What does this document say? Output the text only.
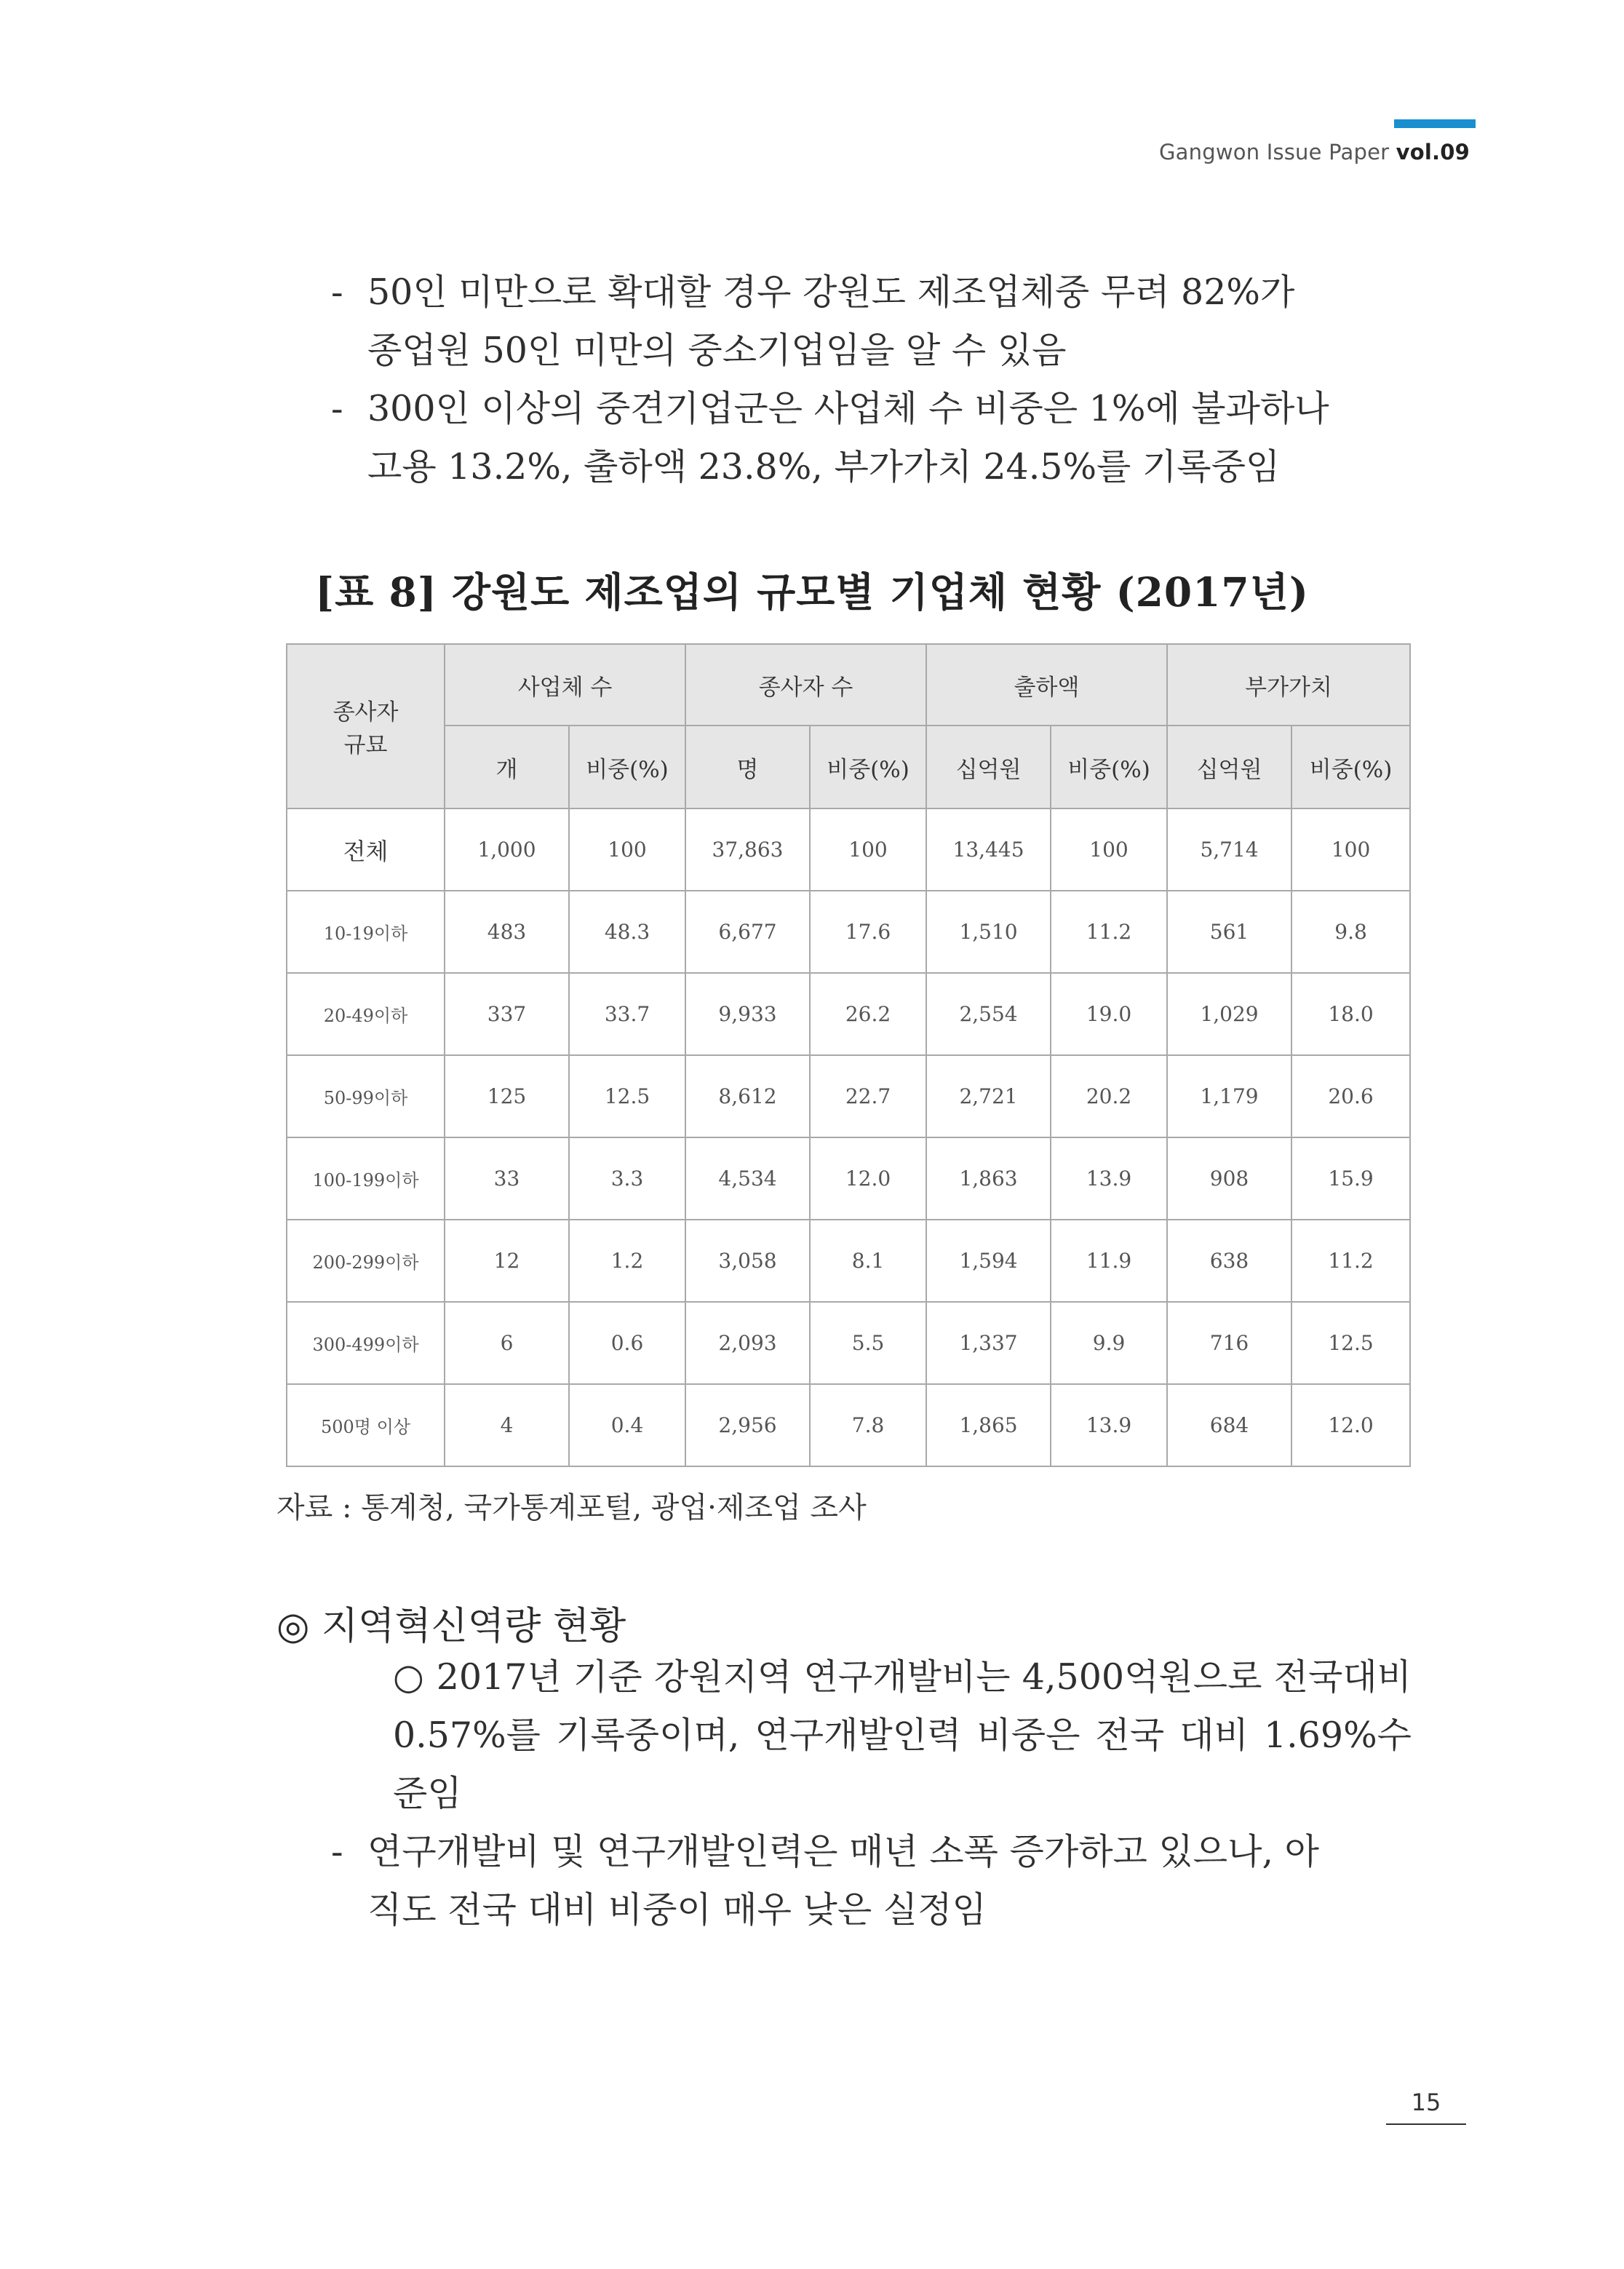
Gangwon Issue Paper vol.09
- 50인 미만으로 확대할 경우 강원도 제조업체중 무려 82%가
종업원 50인 미만의 중소기업임을 알 수 있음
- 300인 이상의 중견기업군은 사업체 수 비중은 1%에 불과하나
고용 13.2%, 출하액 23.8%, 부가가치 24.5%를 기록중임
[표 8] 강원도 제조업의 규모별 기업체 현황 (2017년)
종사자
규묘	사업체 수		종사자 수		출하액		부가가치	
	개	비중(%)	명	비중(%)	십억원	비중(%)	십억원	비중(%)
전체	1,000	100	37,863	100	13,445	100	5,714	100
10-19이하	483	48.3	6,677	17.6	1,510	11.2	561	9.8
20-49이하	337	33.7	9,933	26.2	2,554	19.0	1,029	18.0
50-99이하	125	12.5	8,612	22.7	2,721	20.2	1,179	20.6
100-199이하	33	3.3	4,534	12.0	1,863	13.9	908	15.9
200-299이하	12	1.2	3,058	8.1	1,594	11.9	638	11.2
300-499이하	6	0.6	2,093	5.5	1,337	9.9	716	12.5
500명 이상	4	0.4	2,956	7.8	1,865	13.9	684	12.0
자료 : 통계청, 국가통계포털, 광업·제조업 조사
◎ 지역혁신역량 현황
○ 2017년 기준 강원지역 연구개발비는 4,500억원으로 전국대비 0.57%를 기록중이며, 연구개발인력 비중은 전국 대비 1.69%수준임
- 연구개발비 및 연구개발인력은 매년 소폭 증가하고 있으나, 아
직도 전국 대비 비중이 매우 낮은 실정임
15
